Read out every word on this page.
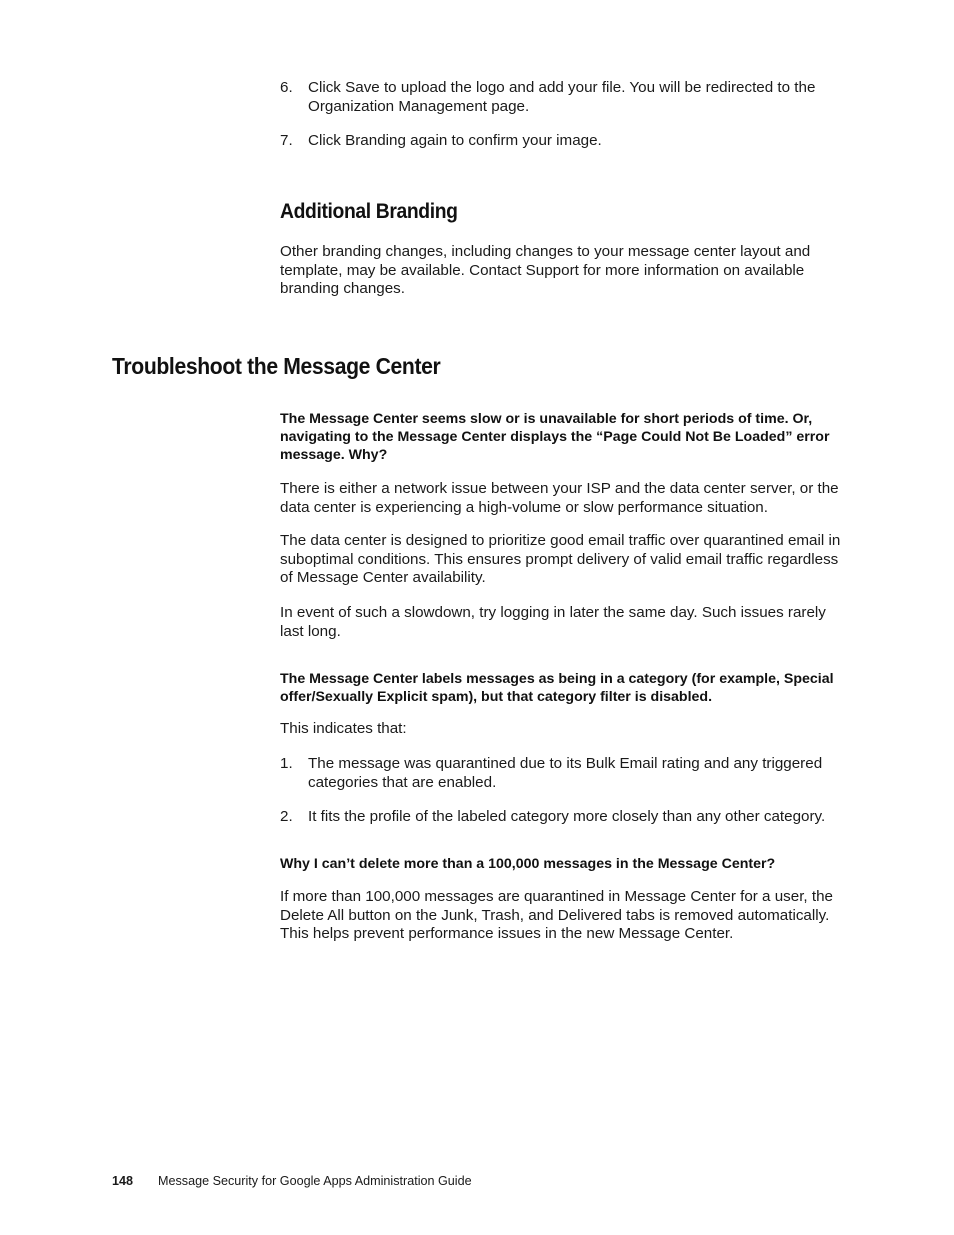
6.	Click Save to upload the logo and add your file. You will be redirected to the Organization Management page.
7.	Click Branding again to confirm your image.
Additional Branding
Other branding changes, including changes to your message center layout and template, may be available. Contact Support for more information on available branding changes.
Troubleshoot the Message Center
The Message Center seems slow or is unavailable for short periods of time. Or, navigating to the Message Center displays the “Page Could Not Be Loaded” error message. Why?
There is either a network issue between your ISP and the data center server, or the data center is experiencing a high-volume or slow performance situation.
The data center is designed to prioritize good email traffic over quarantined email in suboptimal conditions. This ensures prompt delivery of valid email traffic regardless of Message Center availability.
In event of such a slowdown, try logging in later the same day. Such issues rarely last long.
The Message Center labels messages as being in a category (for example, Special offer/Sexually Explicit spam), but that category filter is disabled.
This indicates that:
1.	The message was quarantined due to its Bulk Email rating and any triggered categories that are enabled.
2.	It fits the profile of the labeled category more closely than any other category.
Why I can’t delete more than a 100,000 messages in the Message Center?
If more than 100,000 messages are quarantined in Message Center for a user, the Delete All button on the Junk, Trash, and Delivered tabs is removed automatically. This helps prevent performance issues in the new Message Center.
148 Message Security for Google Apps Administration Guide
